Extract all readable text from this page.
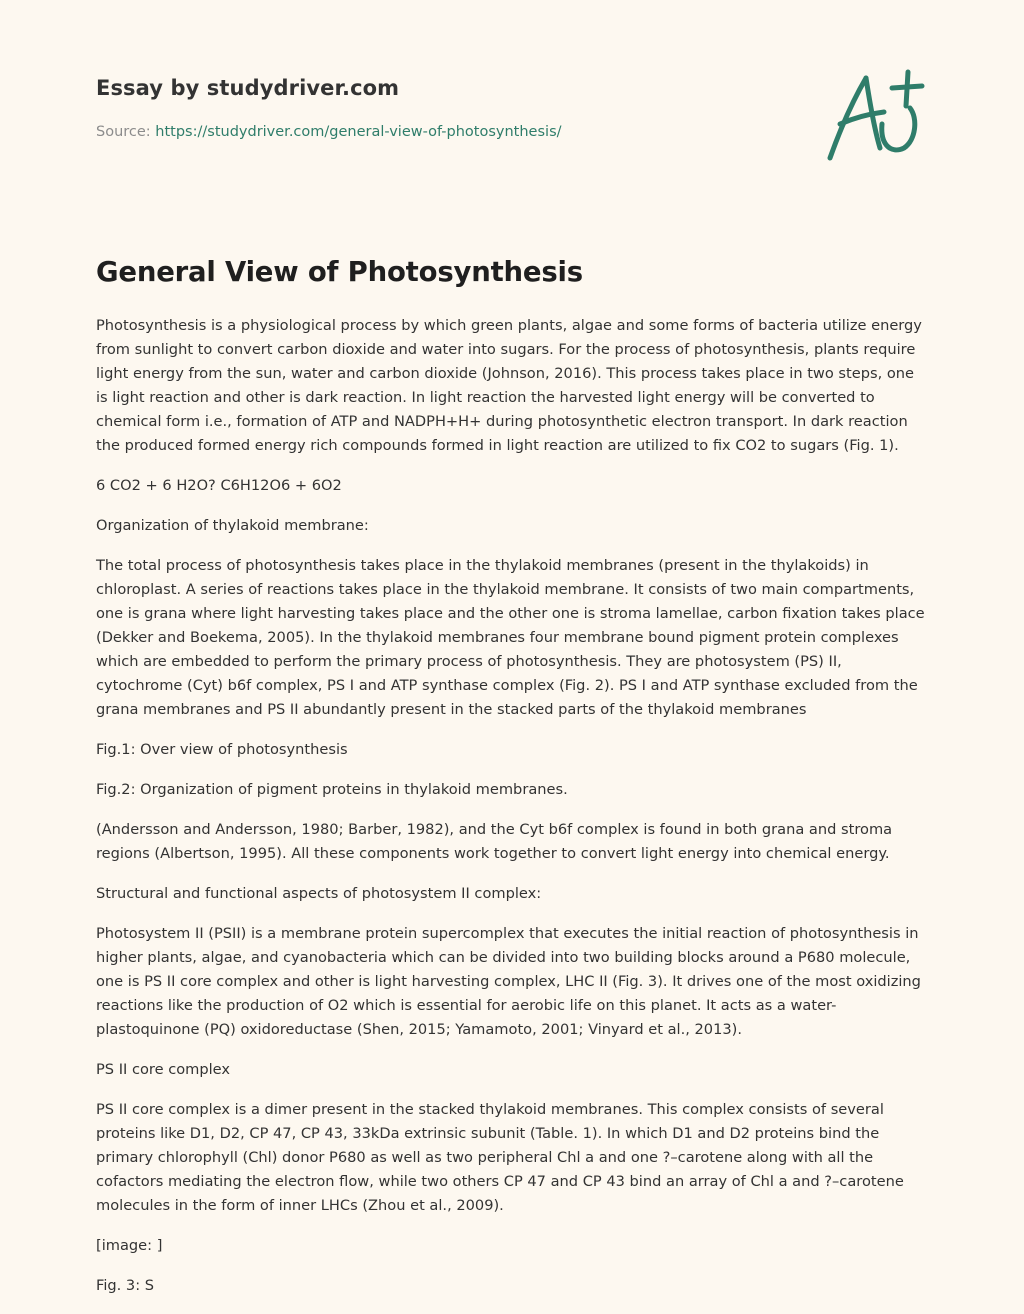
Essay by studydriver.com
Source: https://studydriver.com/general-view-of-photosynthesis/
General View of Photosynthesis

Photosynthesis is a physiological process by which green plants, algae and some forms of bacteria utilize energy from sunlight to convert carbon dioxide and water into sugars. For the process of photosynthesis, plants require light energy from the sun, water and carbon dioxide (Johnson, 2016). This process takes place in two steps, one is light reaction and other is dark reaction. In light reaction the harvested light energy will be converted to chemical form i.e., formation of ATP and NADPH+H+ during photosynthetic electron transport. In dark reaction the produced formed energy rich compounds formed in light reaction are utilized to fix CO2 to sugars (Fig. 1).

6 CO2 + 6 H2O? C6H12O6 + 6O2

Organization of thylakoid membrane:

The total process of photosynthesis takes place in the thylakoid membranes (present in the thylakoids) in chloroplast. A series of reactions takes place in the thylakoid membrane. It consists of two main compartments, one is grana where light harvesting takes place and the other one is stroma lamellae, carbon fixation takes place (Dekker and Boekema, 2005). In the thylakoid membranes four membrane bound pigment protein complexes which are embedded to perform the primary process of photosynthesis. They are photosystem (PS) II, cytochrome (Cyt) b6f complex, PS I and ATP synthase complex (Fig. 2). PS I and ATP synthase excluded from the grana membranes and PS II abundantly present in the stacked parts of the thylakoid membranes

Fig.1: Over view of photosynthesis

Fig.2: Organization of pigment proteins in thylakoid membranes.

(Andersson and Andersson, 1980; Barber, 1982), and the Cyt b6f complex is found in both grana and stroma regions (Albertson, 1995). All these components work together to convert light energy into chemical energy.

Structural and functional aspects of photosystem II complex:

Photosystem II (PSII) is a membrane protein supercomplex that executes the initial reaction of photosynthesis in higher plants, algae, and cyanobacteria which can be divided into two building blocks around a P680 molecule, one is PS II core complex and other is light harvesting complex, LHC II (Fig. 3). It drives one of the most oxidizing reactions like the production of O2 which is essential for aerobic life on this planet. It acts as a water-plastoquinone (PQ) oxidoreductase (Shen, 2015; Yamamoto, 2001; Vinyard et al., 2013).

PS II core complex

PS II core complex is a dimer present in the stacked thylakoid membranes. This complex consists of several proteins like D1, D2, CP 47, CP 43, 33kDa extrinsic subunit (Table. 1). In which D1 and D2 proteins bind the primary chlorophyll (Chl) donor P680 as well as two peripheral Chl a and one ?–carotene along with all the cofactors mediating the electron flow, while two others CP 47 and CP 43 bind an array of Chl a and ?–carotene molecules in the form of inner LHCs (Zhou et al., 2009).

[image: ]

Fig. 3: S
